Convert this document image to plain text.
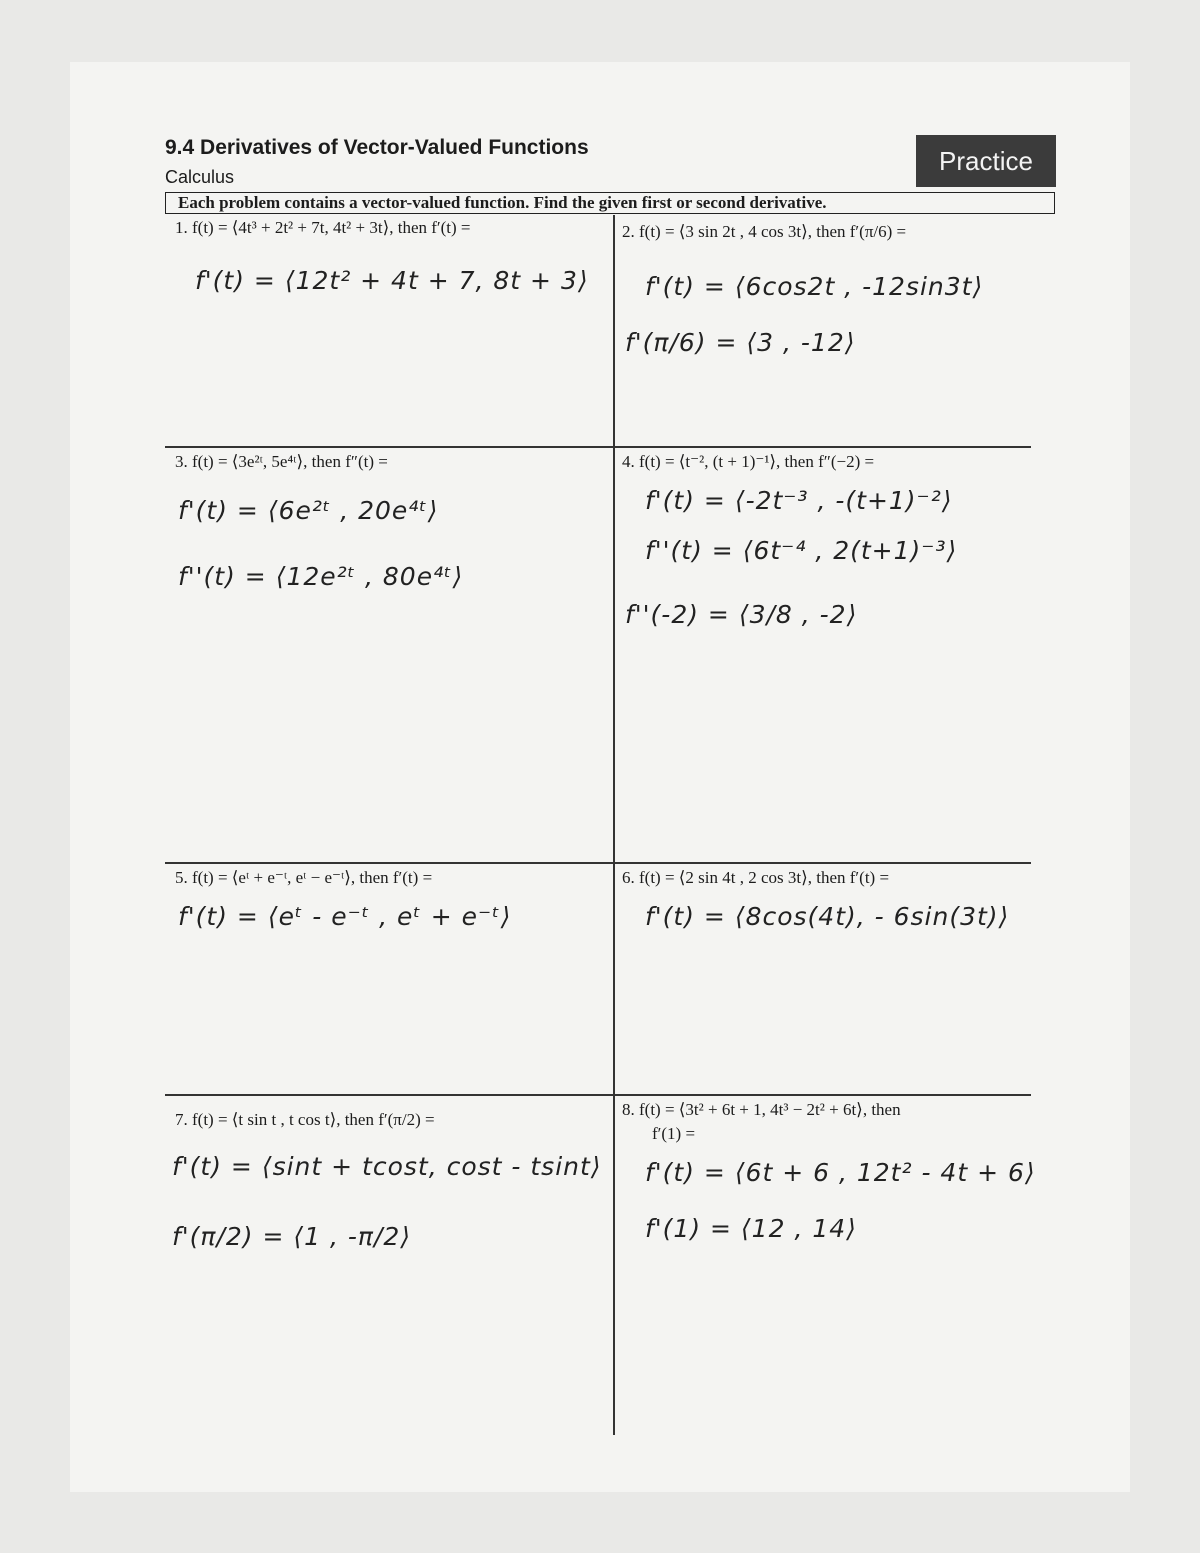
9.4 Derivatives of Vector-Valued Functions
Calculus
Practice
Each problem contains a vector-valued function. Find the given first or second derivative.
1. f(t) = ⟨4t³ + 2t² + 7t, 4t² + 3t⟩, then f′(t) =
f'(t) = ⟨12t² + 4t + 7, 8t + 3⟩
2. f(t) = ⟨3 sin 2t , 4 cos 3t⟩, then f′(π/6) =
f'(t) = ⟨6cos2t , -12sin3t⟩
f'(π/6) = ⟨3 , -12⟩
3. f(t) = ⟨3e²ᵗ, 5e⁴ᵗ⟩, then f″(t) =
f'(t) = ⟨6e²ᵗ , 20e⁴ᵗ⟩
f''(t) = ⟨12e²ᵗ , 80e⁴ᵗ⟩
4. f(t) = ⟨t⁻², (t + 1)⁻¹⟩, then f″(−2) =
f'(t) = ⟨-2t⁻³ , -(t+1)⁻²⟩
f''(t) = ⟨6t⁻⁴ , 2(t+1)⁻³⟩
f''(-2) = ⟨3/8 , -2⟩
5. f(t) = ⟨eᵗ + e⁻ᵗ, eᵗ − e⁻ᵗ⟩, then f′(t) =
f'(t) = ⟨eᵗ - e⁻ᵗ , eᵗ + e⁻ᵗ⟩
6. f(t) = ⟨2 sin 4t , 2 cos 3t⟩, then f′(t) =
f'(t) = ⟨8cos(4t), - 6sin(3t)⟩
7. f(t) = ⟨t sin t , t cos t⟩, then f′(π/2) =
f'(t) = ⟨sint + tcost, cost - tsint⟩
f'(π/2) = ⟨1 , -π/2⟩
8. f(t) = ⟨3t² + 6t + 1, 4t³ − 2t² + 6t⟩, then
f′(1) =
f'(t) = ⟨6t + 6 , 12t² - 4t + 6⟩
f'(1) = ⟨12 , 14⟩
